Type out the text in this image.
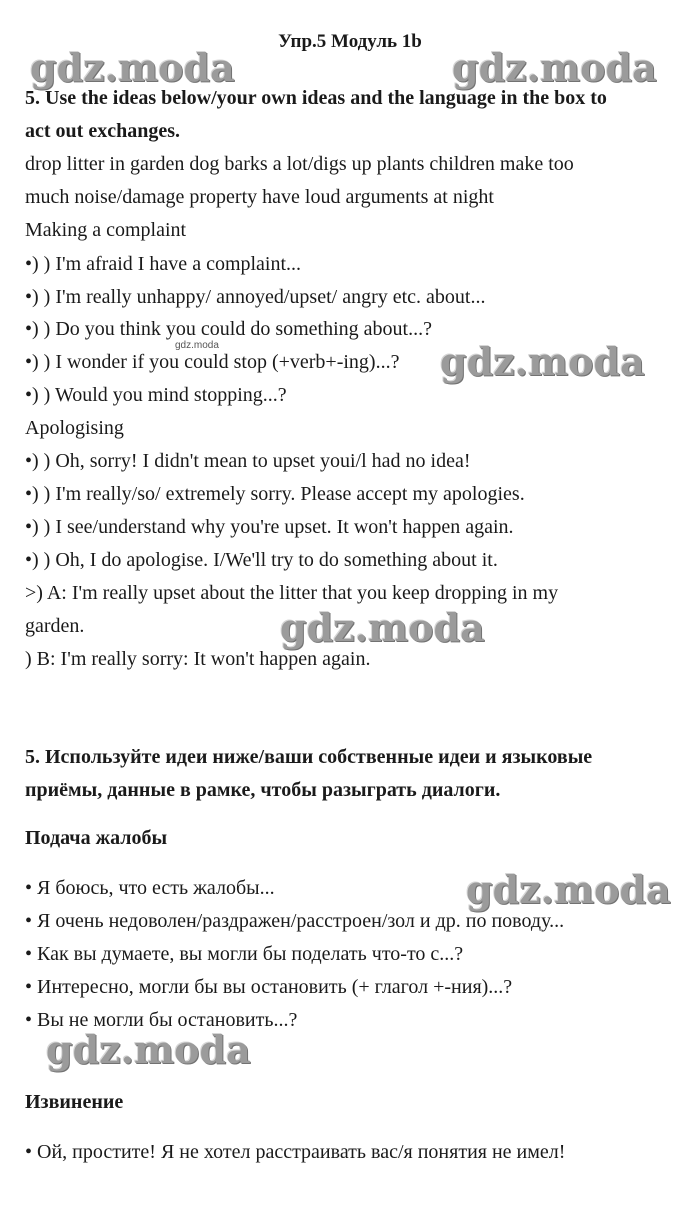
Упр.5 Модуль 1b
gdz.moda	gdz.moda
gdz.moda	gdz.moda
gdz.moda
gdz.moda
gdz.moda
5. Use the ideas below/your own ideas and the language in the box to
act out exchanges.
drop litter in garden dog barks a lot/digs up plants children make too
much noise/damage property have loud arguments at night
Making a complaint
•) ) I'm afraid I have a complaint...
•) ) I'm really unhappy/ annoyed/upset/ angry etc. about...
•) ) Do you think you could do something about...?
•) ) I wonder if you could stop (+verb+-ing)...?
•) ) Would you mind stopping...?
Apologising
•) ) Oh, sorry! I didn't mean to upset youi/l had no idea!
•) ) I'm really/so/ extremely sorry. Please accept my apologies.
•) ) I see/understand why you're upset. It won't happen again.
•) ) Oh, I do apologise. I/We'll try to do something about it.
>) A: I'm really upset about the litter that you keep dropping in my
garden.
) B: I'm really sorry: It won't happen again.
5. Используйте идеи ниже/ваши собственные идеи и языковые
приёмы, данные в рамке, чтобы разыграть диалоги.
Подача жалобы
• Я боюсь, что есть жалобы...
• Я очень недоволен/раздражен/расстроен/зол и др. по поводу...
• Как вы думаете, вы могли бы поделать что-то с...?
• Интересно, могли бы вы остановить (+ глагол +-ния)...?
• Вы не могли бы остановить...?
Извинение
• Ой, простите! Я не хотел расстраивать вас/я понятия не имел!
